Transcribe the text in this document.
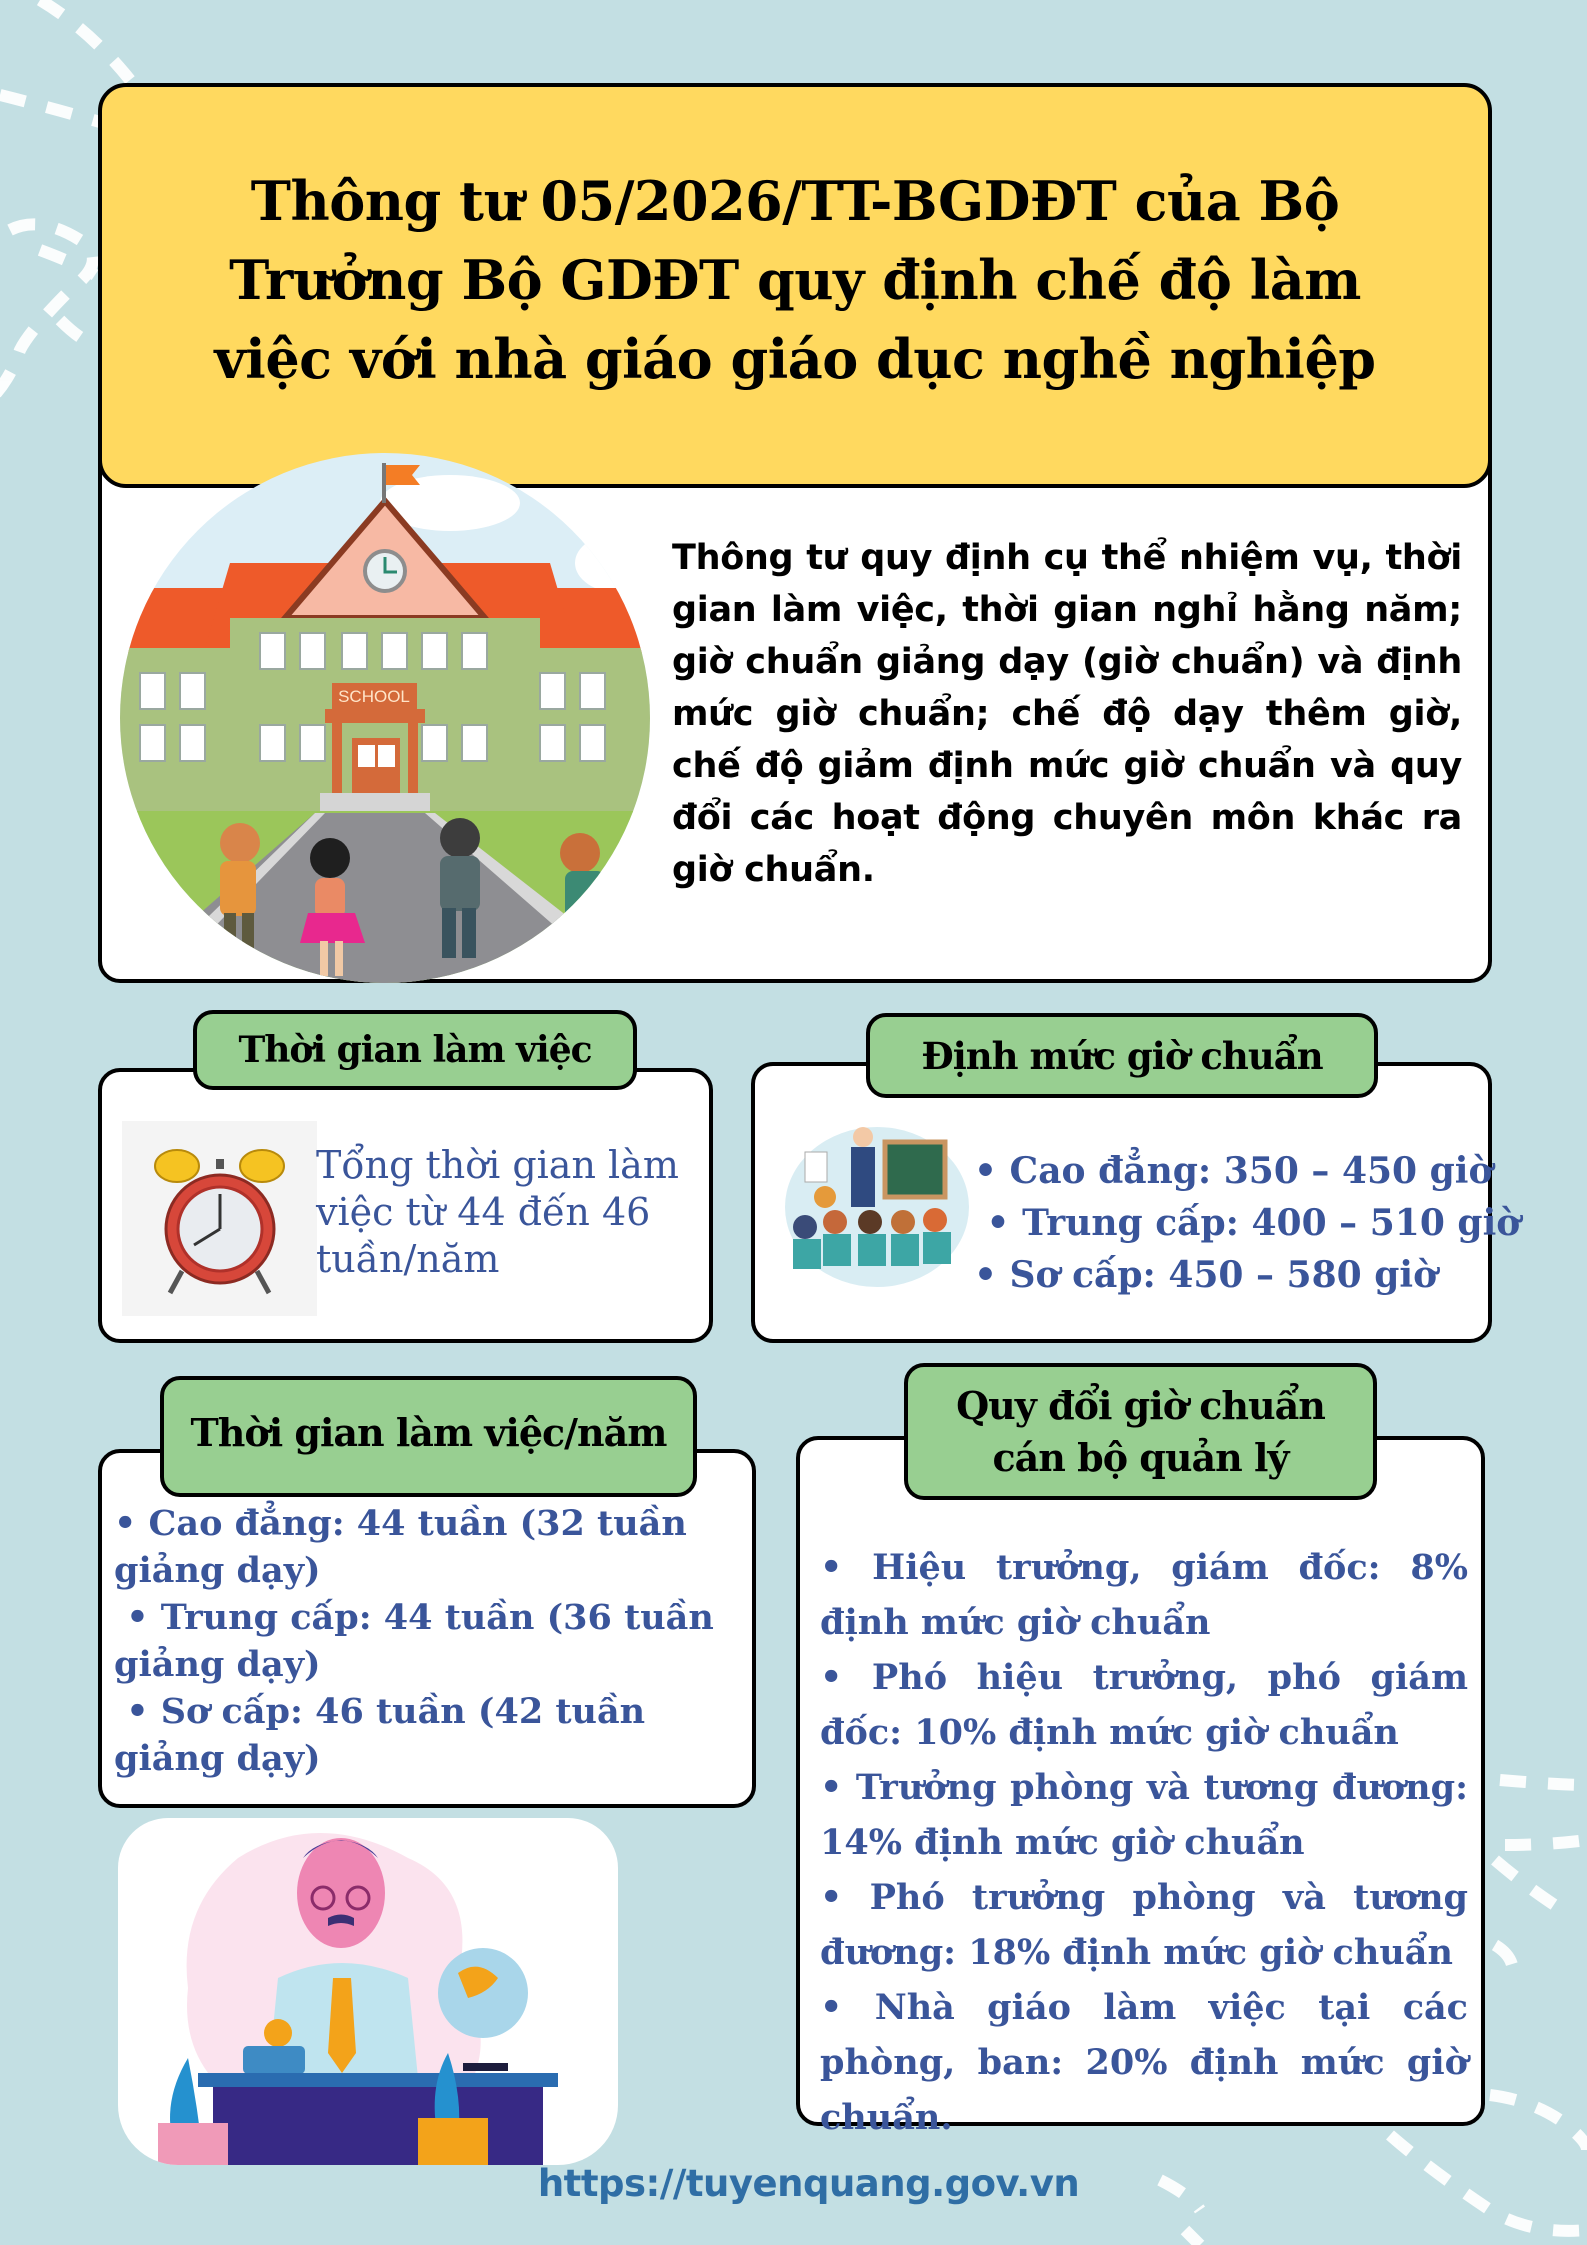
Thông tư 05/2026/TT-BGDĐT của Bộ
Trưởng Bộ GDĐT quy định chế độ làm
việc với nhà giáo giáo dục nghề nghiệp
SCHOOL
Thông tư quy định cụ thể nhiệm vụ, thời gian làm việc, thời gian nghỉ hằng năm; giờ chuẩn giảng dạy (giờ chuẩn) và định mức giờ chuẩn; chế độ dạy thêm giờ, chế độ giảm định mức giờ chuẩn và quy đổi các hoạt động chuyên môn khác ra giờ chuẩn.
Thời gian làm việc
Tổng thời gian làm việc từ 44 đến 46 tuần/năm
Định mức giờ chuẩn
• Cao đẳng: 350 – 450 giờ
• Trung cấp: 400 – 510 giờ
• Sơ cấp: 450 – 580 giờ
Thời gian làm việc/năm
• Cao đẳng: 44 tuần (32 tuần giảng dạy)
• Trung cấp: 44 tuần (36 tuần giảng dạy)
• Sơ cấp: 46 tuần (42 tuần giảng dạy)
Quy đổi giờ chuẩn
cán bộ quản lý
• Hiệu trưởng, giám đốc: 8% định mức giờ chuẩn
• Phó hiệu trưởng, phó giám đốc: 10% định mức giờ chuẩn
• Trưởng phòng và tương đương: 14% định mức giờ chuẩn
• Phó trưởng phòng và tương đương: 18% định mức giờ chuẩn
• Nhà giáo làm việc tại các phòng, ban: 20% định mức giờ chuẩn.
https://tuyenquang.gov.vn
